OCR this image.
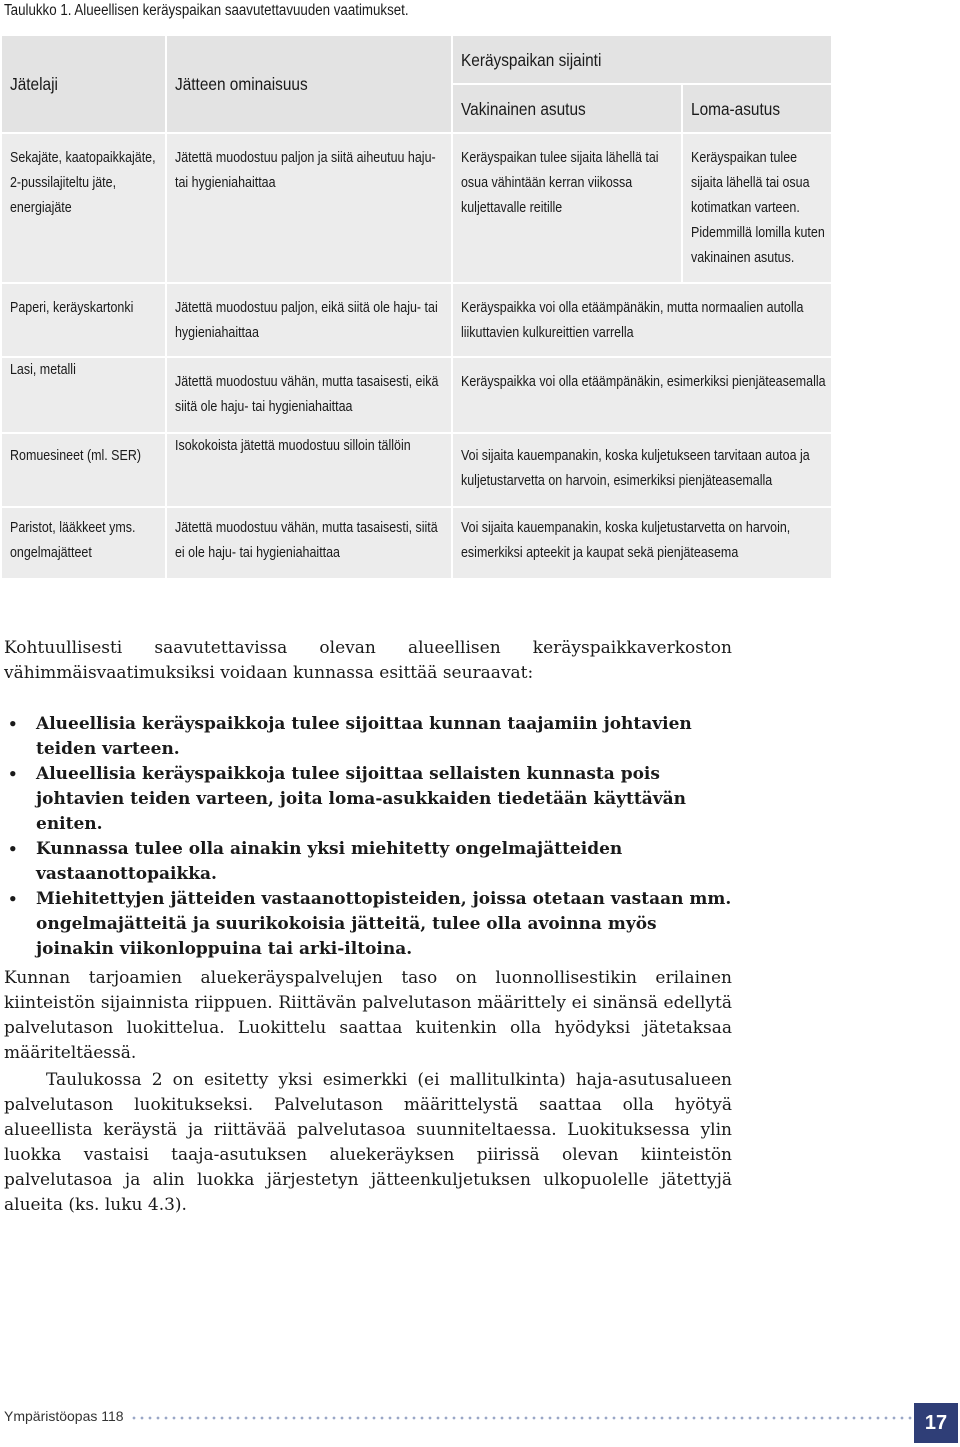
Taulukko 1. Alueellisen keräyspaikan saavutettavuuden vaatimukset.
Jätelaji	Jätteen ominaisuus	Keräyspaikan sijainti	
		Vakinainen asutus	Loma-asutus

Sekajäte, kaatopaikkajäte, 2-pussilajiteltu jäte, energiajäte	Jätettä muodostuu paljon ja siitä aiheutuu haju- tai hygieniahaittaa	Keräyspaikan tulee sijaita lähellä tai osua vähintään kerran viikossa kuljettavalle reitille	Keräyspaikan tulee sijaita lähellä tai osua kotimatkan varteen. Pidemmillä lomilla kuten vakinainen asutus.

Paperi, keräyskartonki	Jätettä muodostuu paljon, eikä siitä ole haju- tai hygieniahaittaa	Keräyspaikka voi olla etäämpänäkin, mutta normaalien autolla liikuttavien kulkureittien varrella	

Lasi, metalli	Jätettä muodostuu vähän, mutta tasaisesti, eikä siitä ole haju- tai hygieniahaittaa	Keräyspaikka voi olla etäämpänäkin, esimerkiksi pienjäteasemalla	

Romuesineet (ml. SER)	Isokokoista jätettä muodostuu silloin tällöin	Voi sijaita kauempanakin, koska kuljetukseen tarvitaan autoa ja kuljetustarvetta on harvoin, esimerkiksi pienjäteasemalla	

Paristot, lääkkeet yms. ongelmajätteet	Jätettä muodostuu vähän, mutta tasaisesti, siitä ei ole haju- tai hygieniahaittaa	Voi sijaita kauempanakin, koska kuljetustarvetta on harvoin, esimerkiksi apteekit ja kaupat sekä pienjäteasema	

Kohtuullisesti saavutettavissa olevan alueellisen keräyspaikkaverkoston vähimmäisvaatimuksiksi voidaan kunnassa esittää seuraavat:

• Alueellisia keräyspaikkoja tulee sijoittaa kunnan taajamiin johtavien teiden varteen.
• Alueellisia keräyspaikkoja tulee sijoittaa sellaisten kunnasta pois johtavien teiden varteen, joita loma-asukkaiden tiedetään käyttävän eniten.
• Kunnassa tulee olla ainakin yksi miehitetty ongelmajätteiden vastaanottopaikka.
• Miehitettyjen jätteiden vastaanottopisteiden, joissa otetaan vastaan mm. ongelmajätteitä ja suurikokoisia jätteitä, tulee olla avoinna myös joinakin viikonloppuina tai arki-iltoina.

Kunnan tarjoamien aluekeräyspalvelujen taso on luonnollisestikin erilainen kiinteistön sijainnista riippuen. Riittävän palvelutason määrittely ei sinänsä edellytä palvelutason luokittelua. Luokittelu saattaa kuitenkin olla hyödyksi jätetaksaa määriteltäessä.

Taulukossa 2 on esitetty yksi esimerkki (ei mallitulkinta) haja-asutusalueen palvelutason luokitukseksi. Palvelutason määrittelystä saattaa olla hyötyä alueellista keräystä ja riittävää palvelutasoa suunniteltaessa. Luokituksessa ylin luokka vastaisi taaja-asutuksen aluekeräyksen piirissä olevan kiinteistön palvelutasoa ja alin luokka järjestetyn jätteenkuljetuksen ulkopuolelle jätettyjä alueita (ks. luku 4.3).

Ympäristöopas 118	17
